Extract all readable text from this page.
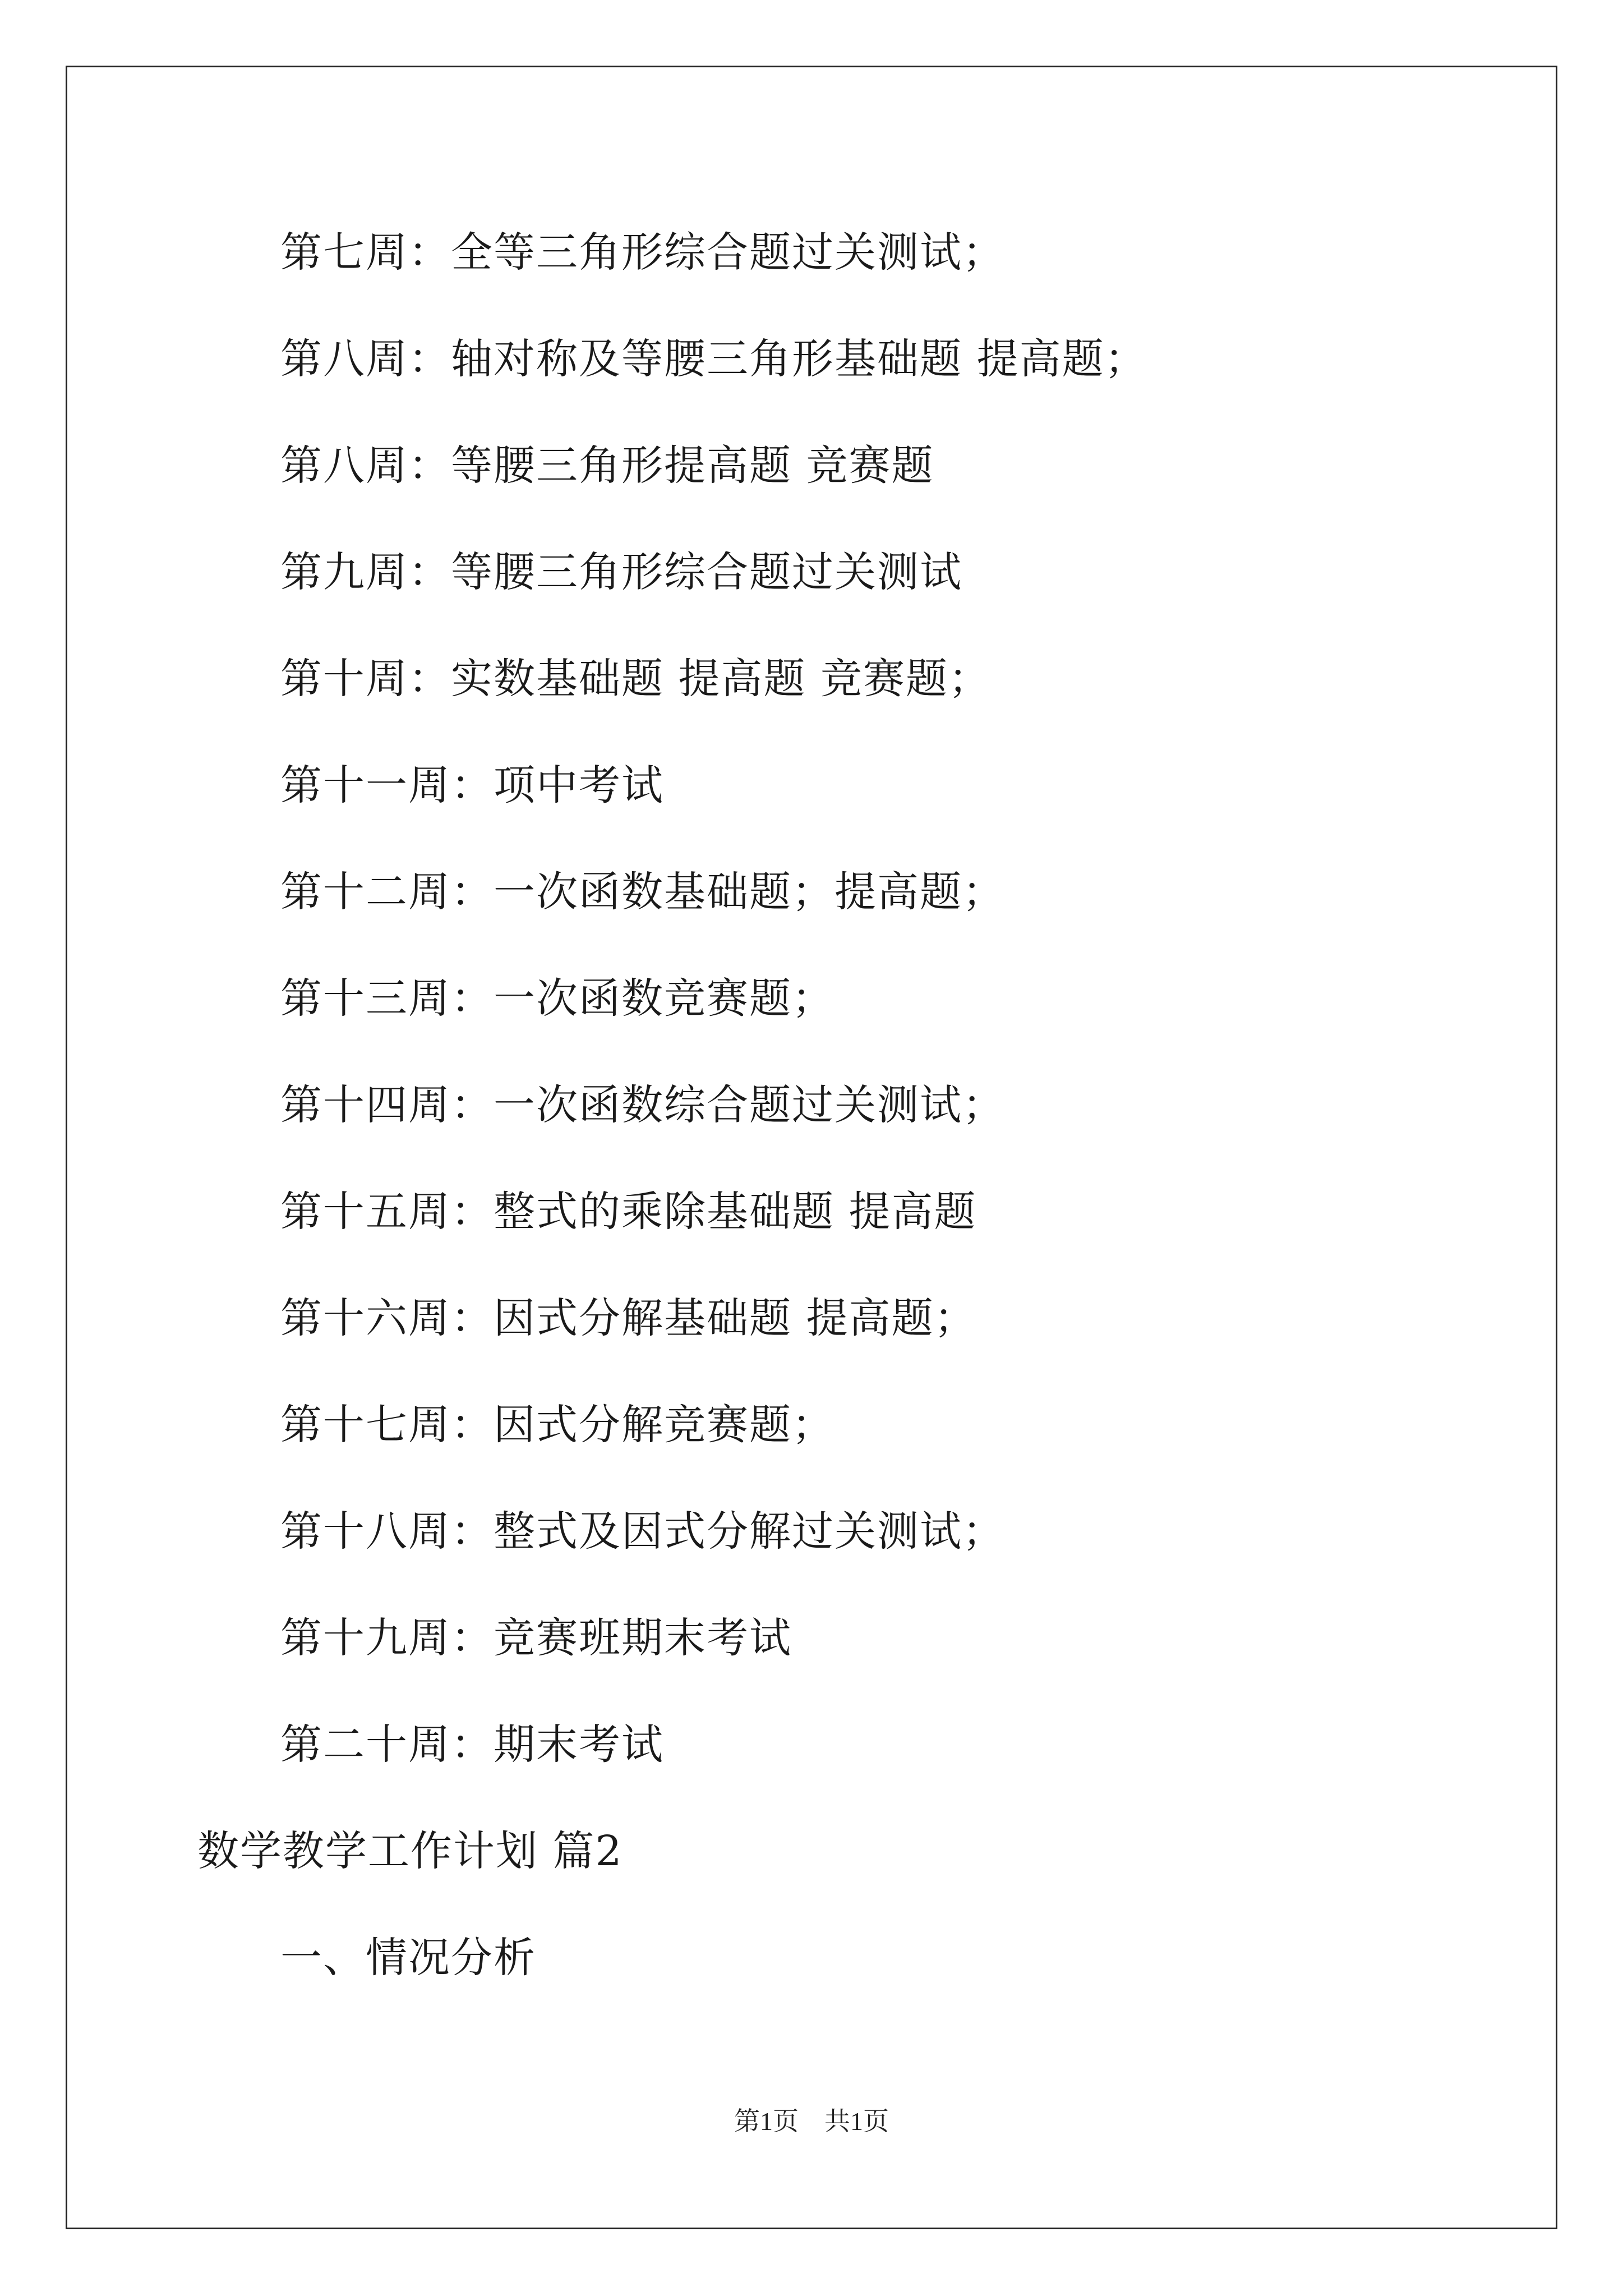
第七周：全等三角形综合题过关测试；
第八周：轴对称及等腰三角形基础题 提高题；
第八周：等腰三角形提高题 竞赛题
第九周：等腰三角形综合题过关测试
第十周：实数基础题 提高题 竞赛题；
第十一周：项中考试
第十二周：一次函数基础题；提高题；
第十三周：一次函数竞赛题；
第十四周：一次函数综合题过关测试；
第十五周：整式的乘除基础题 提高题
第十六周：因式分解基础题 提高题；
第十七周：因式分解竞赛题；
第十八周：整式及因式分解过关测试；
第十九周：竞赛班期末考试
第二十周：期末考试
数学教学工作计划 篇2
一、情况分析
第1页　共1页
